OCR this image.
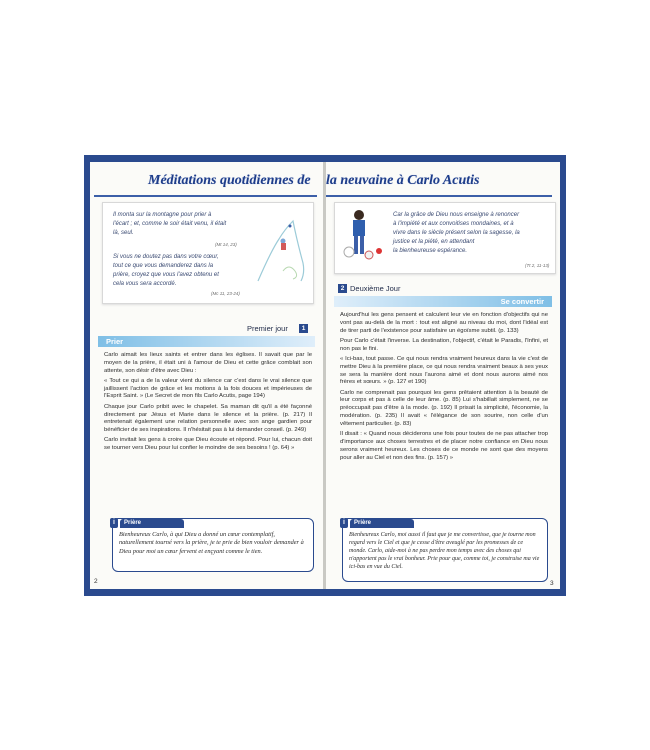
Méditations quotidiennes de
Il monta sur la montagne pour prier à
l'écart ; et, comme le soir était venu, il était
là, seul.
(Mt 14, 23)
Si vous ne doutez pas dans votre cœur,
tout ce que vous demanderez dans la
prière, croyez que vous l'avez obtenu et
cela vous sera accordé.
(Mc 11, 23-24)
Premier jour	1
Prier

Carlo aimait les lieux saints et entrer dans les églises. Il savait que par le moyen de la prière, il était uni à l'amour de Dieu et cette grâce comblait son attente, son désir d'être avec Dieu :

« Tout ce qui a de la valeur vient du silence car c'est dans le vrai silence que jaillissent l'action de grâce et les motions à la fois douces et impérieuses de l'Esprit Saint. » (Le Secret de mon fils Carlo Acutis, page 194)

Chaque jour Carlo pribit avec le chapelet. Sa maman dit qu'il a été façonné directement par Jésus et Marie dans le silence et la prière. (p. 217) Il entretenait également une relation personnelle avec son ange gardien pour bénéficier de ses inspirations. Il n'hésitait pas à lui demander conseil. (p. 249)

Carlo invitait les gens à croire que Dieu écoute et répond. Pour lui, chacun doit se tourner vers Dieu pour lui confier le moindre de ses besoins ! (p. 64) »

i	Prière
Bienheureux Carlo, à qui Dieu a donné un cœur contemplatif, naturellement tourné vers la prière, je te prie de bien vouloir demander à Dieu pour moi un cœur fervent et ençyant comme le tien.
2
la neuvaine à Carlo Acutis
Car la grâce de Dieu nous enseigne à renoncer
à l'impiété et aux convoitises mondaines, et à
vivre dans le siècle présent selon la sagesse, la
justice et la piété, en attendant
la bienheureuse espérance.
(Tt 2, 11-13)
2 Deuxième Jour
Se convertir

Aujourd'hui les gens pensent et calculent leur vie en fonction d'objectifs qui ne vont pas au-delà de la mort : tout est aligné au niveau du moi, dont l'idéal est de tirer parti de l'existence pour satisfaire un égoïsme subtil. (p. 133)

Pour Carlo c'était l'inverse. La destination, l'objectif, c'était le Paradis, l'Infini, et non pas le fini.

« Ici-bas, tout passe. Ce qui nous rendra vraiment heureux dans la vie c'est de mettre Dieu à la première place, ce qui nous rendra vraiment beaux à ses yeux se sera la manière dont nous l'aurons aimé et dont nous aurons aimé nos frères et sœurs. » (p. 127 et 190)

Carlo ne comprenait pas pourquoi les gens prêtaient attention à la beauté de leur corps et pas à celle de leur âme. (p. 85) Lui s'habillait simplement, ne se préoccupait pas d'être à la mode. (p. 192) Il prisait la simplicité, l'économie, la modération. (p. 235) Il avait « l'élégance de son sourire, non celle d'un vêtement particulier. (p. 83)

Il disait : « Quand nous déciderons une fois pour toutes de ne pas attacher trop d'importance aux choses terrestres et de placer notre confiance en Dieu nous serons vraiment heureux. Les choses de ce monde ne sont que des moyens pour aller au Ciel et non des fins. (p. 157) »

i	Prière
Bienheureux Carlo, moi aussi il faut que je me convertisse, que je tourne mon regard vers le Ciel et que je cesse d'être aveuglé par les promesses de ce monde. Carlo, aide-moi à ne pas perdre mon temps avec des choses qui n'apportent pas le vrai bonheur. Prie pour que, comme toi, je construise ma vie ici-bas en vue du Ciel.
3
